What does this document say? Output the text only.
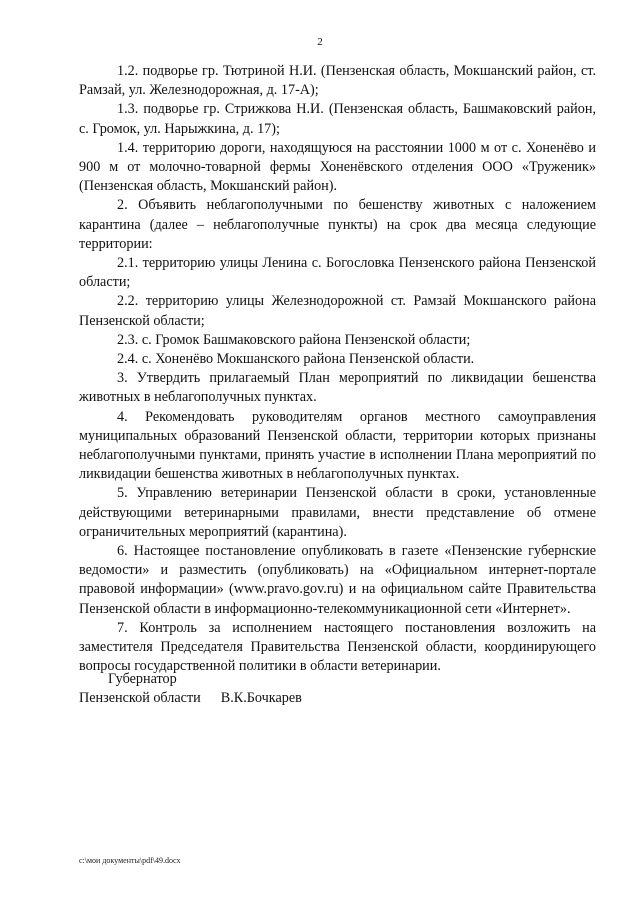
2

1.2. подворье гр. Тютриной Н.И. (Пензенская область, Мокшанский район, ст. Рамзай, ул. Железнодорожная, д. 17-А);

1.3. подворье гр. Стрижкова Н.И. (Пензенская область, Башмаковский район, с. Громок, ул. Нарыжкина, д. 17);

1.4. территорию дороги, находящуюся на расстоянии 1000 м от с. Хоненёво и 900 м от молочно-товарной фермы Хоненёвского отделения ООО «Труженик» (Пензенская область, Мокшанский район).

2. Объявить неблагополучными по бешенству животных с наложением карантина (далее – неблагополучные пункты) на срок два месяца следующие территории:

2.1. территорию улицы Ленина с. Богословка Пензенского района Пензенской области;

2.2. территорию улицы Железнодорожной ст. Рамзай Мокшанского района Пензенской области;

2.3. с. Громок Башмаковского района Пензенской области;

2.4. с. Хоненёво Мокшанского района Пензенской области.

3. Утвердить прилагаемый План мероприятий по ликвидации бешенства животных в неблагополучных пунктах.

4. Рекомендовать руководителям органов местного самоуправления муниципальных образований Пензенской области, территории которых признаны неблагополучными пунктами, принять участие в исполнении Плана мероприятий по ликвидации бешенства животных в неблагополучных пунктах.

5. Управлению ветеринарии Пензенской области в сроки, установленные действующими ветеринарными правилами, внести представление об отмене ограничительных мероприятий (карантина).

6. Настоящее постановление опубликовать в газете «Пензенские губернские ведомости» и разместить (опубликовать) на «Официальном интернет-портале правовой информации» (www.pravo.gov.ru) и на официальном сайте Правительства Пензенской области в информационно-телекоммуникационной сети «Интернет».

7. Контроль за исполнением настоящего постановления возложить на заместителя Председателя Правительства Пензенской области, координирующего вопросы государственной политики в области ветеринарии.

Губернатор
Пензенской области В.К.Бочкарев
c:\мои документы\pdf\49.docx
